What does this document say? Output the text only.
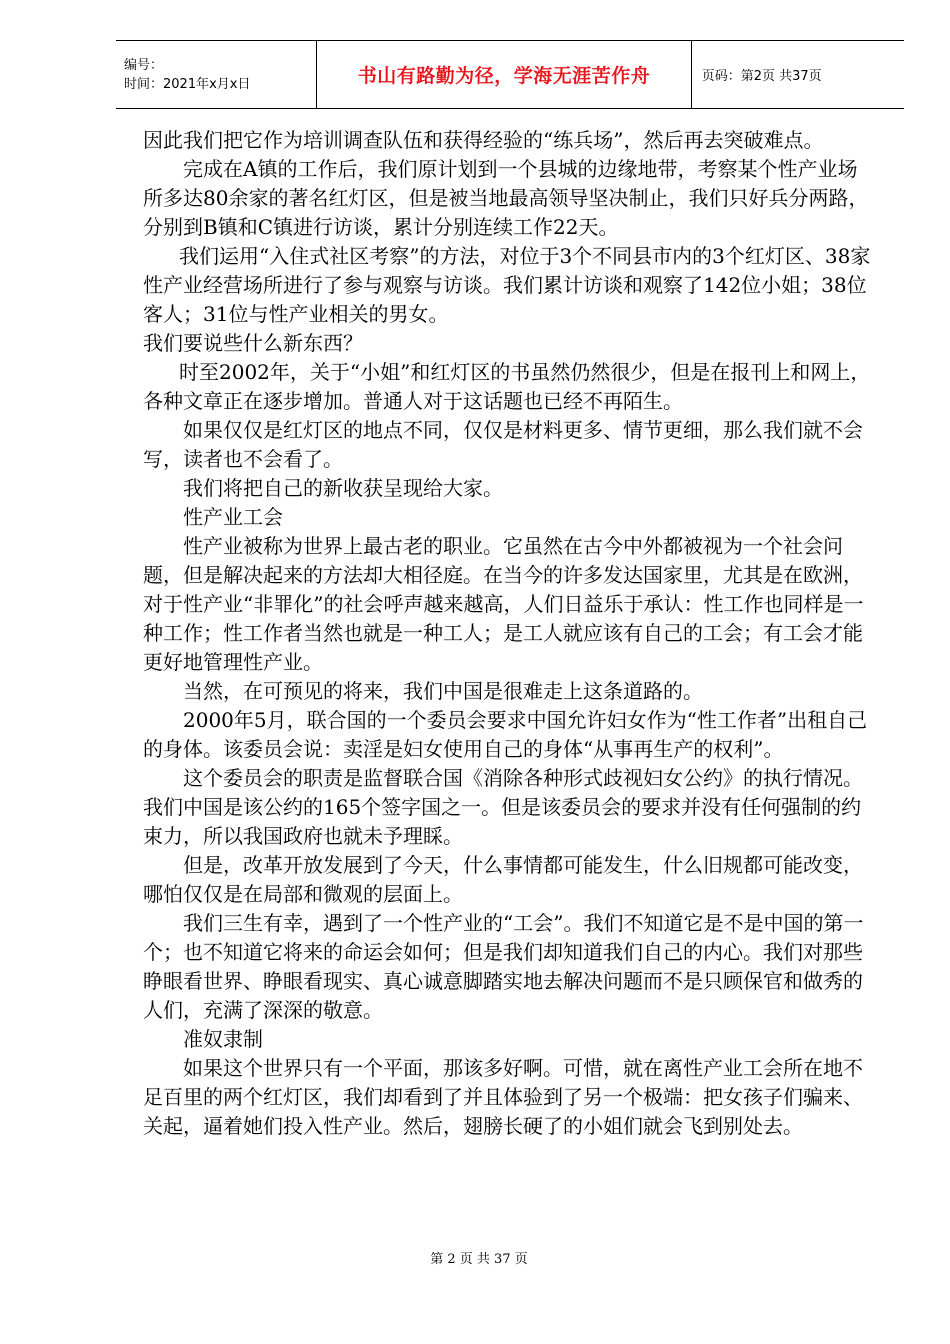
编号：
时间：2021年x月x日	书山有路勤为径，学海无涯苦作舟	页码：第2页 共37页

因此我们把它作为培训调查队伍和获得经验的“练兵场”，然后再去突破难点。

完成在A镇的工作后，我们原计划到一个县城的边缘地带，考察某个性产业场所多达80余家的著名红灯区，但是被当地最高领导坚决制止，我们只好兵分两路，分别到B镇和C镇进行访谈，累计分别连续工作22天。

我们运用“入住式社区考察”的方法，对位于3个不同县市内的3个红灯区、38家性产业经营场所进行了参与观察与访谈。我们累计访谈和观察了142位小姐；38位客人；31位与性产业相关的男女。

我们要说些什么新东西？

时至2002年，关于“小姐”和红灯区的书虽然仍然很少，但是在报刊上和网上，各种文章正在逐步增加。普通人对于这话题也已经不再陌生。

如果仅仅是红灯区的地点不同，仅仅是材料更多、情节更细，那么我们就不会写，读者也不会看了。

我们将把自己的新收获呈现给大家。

性产业工会

性产业被称为世界上最古老的职业。它虽然在古今中外都被视为一个社会问题，但是解决起来的方法却大相径庭。在当今的许多发达国家里，尤其是在欧洲，对于性产业“非罪化”的社会呼声越来越高，人们日益乐于承认：性工作也同样是一种工作；性工作者当然也就是一种工人；是工人就应该有自己的工会；有工会才能更好地管理性产业。

当然，在可预见的将来，我们中国是很难走上这条道路的。

2000年5月，联合国的一个委员会要求中国允许妇女作为“性工作者”出租自己的身体。该委员会说：卖淫是妇女使用自己的身体“从事再生产的权利”。

这个委员会的职责是监督联合国《消除各种形式歧视妇女公约》的执行情况。我们中国是该公约的165个签字国之一。但是该委员会的要求并没有任何强制的约束力，所以我国政府也就未予理睬。

但是，改革开放发展到了今天，什么事情都可能发生，什么旧规都可能改变，哪怕仅仅是在局部和微观的层面上。

我们三生有幸，遇到了一个性产业的“工会”。我们不知道它是不是中国的第一个；也不知道它将来的命运会如何；但是我们却知道我们自己的内心。我们对那些睁眼看世界、睁眼看现实、真心诚意脚踏实地去解决问题而不是只顾保官和做秀的人们，充满了深深的敬意。

准奴隶制

如果这个世界只有一个平面，那该多好啊。可惜，就在离性产业工会所在地不足百里的两个红灯区，我们却看到了并且体验到了另一个极端：把女孩子们骗来、关起，逼着她们投入性产业。然后，翅膀长硬了的小姐们就会飞到别处去。

第 2 页 共 37 页
